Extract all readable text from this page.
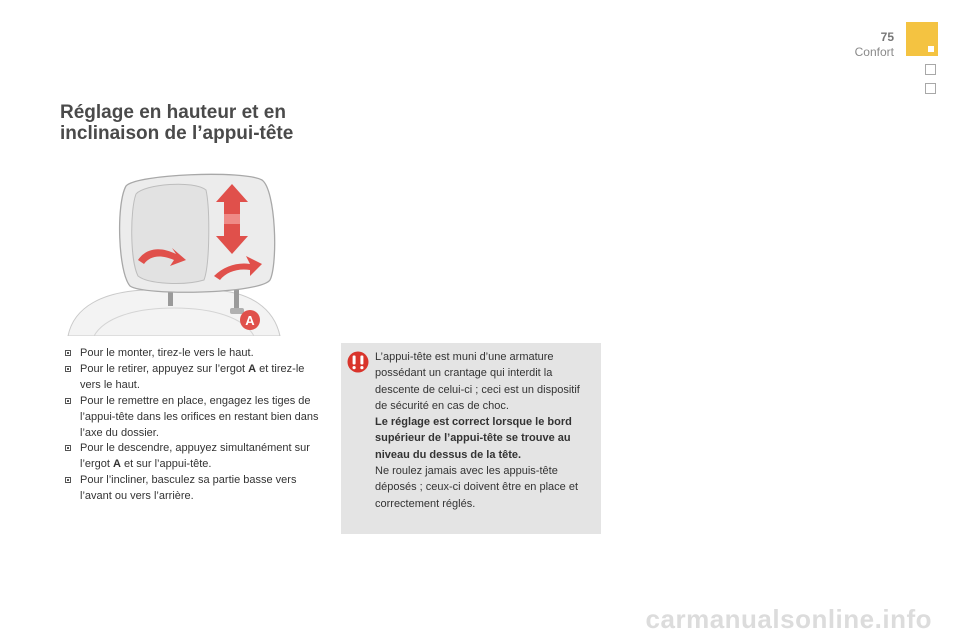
75
Confort
Réglage en hauteur et en
inclinaison de l’appui-tête
A
Pour le monter, tirez-le vers le haut.
Pour le retirer, appuyez sur l’ergot A et tirez-le vers le haut.
Pour le remettre en place, engagez les tiges de l’appui-tête dans les orifices en restant bien dans l’axe du dossier.
Pour le descendre, appuyez simultanément sur l’ergot A et sur l’appui-tête.
Pour l’incliner, basculez sa partie basse vers l’avant ou vers l’arrière.

L’appui-tête est muni d’une armature possédant un crantage qui interdit la descente de celui-ci ; ceci est un dispositif de sécurité en cas de choc.

Le réglage est correct lorsque le bord supérieur de l’appui-tête se trouve au niveau du dessus de la tête.

Ne roulez jamais avec les appuis-tête déposés ; ceux-ci doivent être en place et correctement réglés.

carmanualsonline.info
